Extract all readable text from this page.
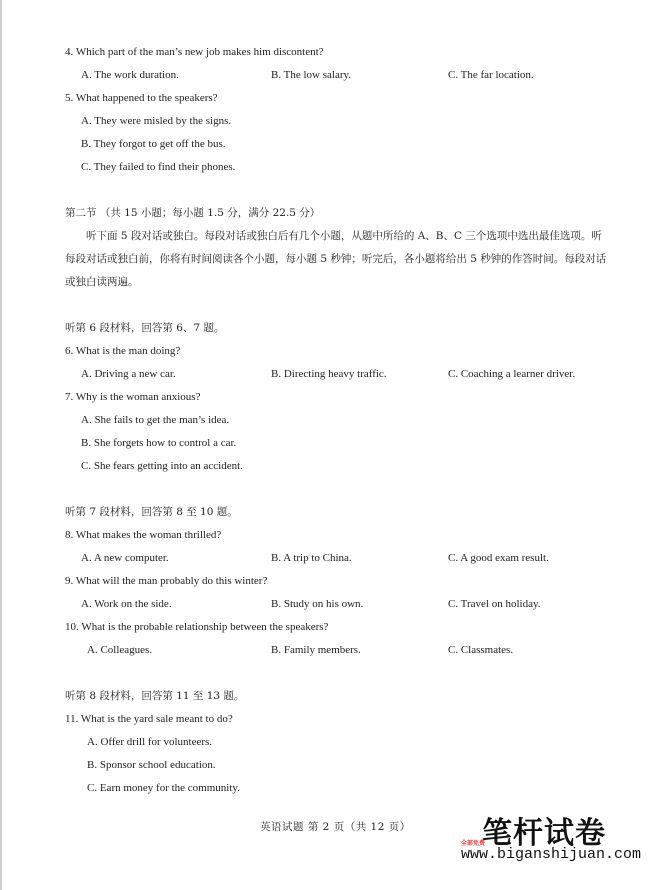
4. Which part of the man’s new job makes him discontent?
A. The work duration.	B. The low salary.	C. The far location.
5. What happened to the speakers?
A. They were misled by the signs.
B. They forgot to get off the bus.
C. They failed to find their phones.
第二节 （共 15 小题；每小题 1.5 分，满分 22.5 分）
听下面 5 段对话或独白。每段对话或独白后有几个小题，从题中所给的 A、B、C 三个选项中选出最佳选项。听每段对话或独白前，你将有时间阅读各个小题，每小题 5 秒钟；听完后，各小题将给出 5 秒钟的作答时间。每段对话或独白读两遍。
听第 6 段材料，回答第 6、7 题。
6. What is the man doing?
A. Driving a new car.	B. Directing heavy traffic.	C. Coaching a learner driver.
7. Why is the woman anxious?
A. She fails to get the man’s idea.
B. She forgets how to control a car.
C. She fears getting into an accident.
听第 7 段材料，回答第 8 至 10 题。
8. What makes the woman thrilled?
A. A new computer.	B. A trip to China.	C. A good exam result.
9. What will the man probably do this winter?
A. Work on the side.	B. Study on his own.	C. Travel on holiday.
10. What is the probable relationship between the speakers?
A. Colleagues.	B. Family members.	C. Classmates.
听第 8 段材料，回答第 11 至 13 题。
11. What is the yard sale meant to do?
A. Offer drill for volunteers.
B. Sponsor school education.
C. Earn money for the community.
英语试题 第 2 页（共 12 页） 笔杆试卷
全部免费
www.biganshijuan.com
